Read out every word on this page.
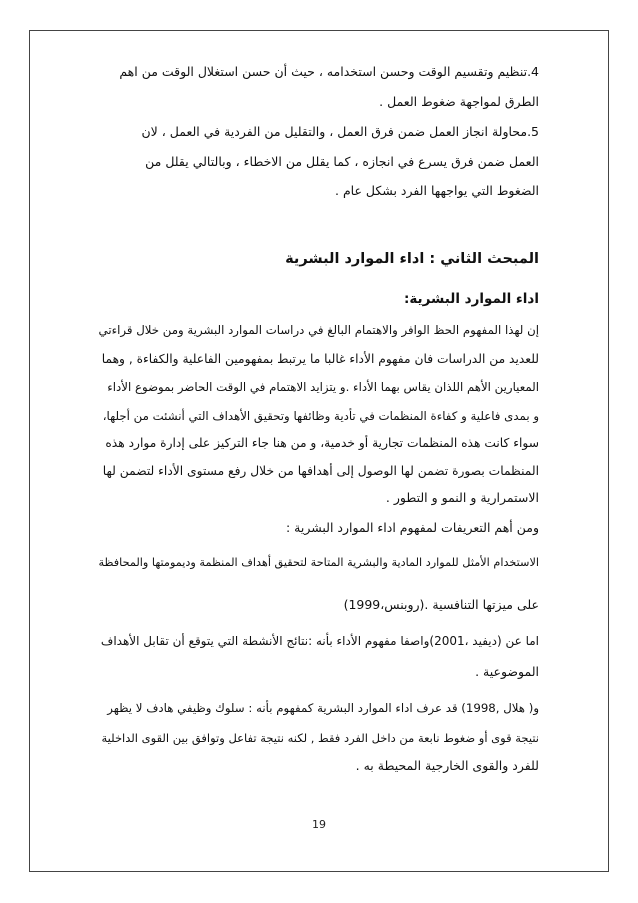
4.تنظيم وتقسيم الوقت وحسن استخدامه ، حيث أن حسن استغلال الوقت من اهم
الطرق لمواجهة ضغوط العمل .
5.محاولة انجاز العمل ضمن فرق العمل ، والتقليل من الفردية في العمل ، لان
العمل ضمن فرق يسرع في انجازه ، كما يقلل من الاخطاء ، وبالتالي يقلل من
الضغوط التي يواجهها الفرد بشكل عام .
المبحث الثاني : اداء الموارد البشرية
اداء الموارد البشرية:
إن لهذا المفهوم الحظ الوافر والاهتمام البالغ في دراسات الموارد البشرية ومن خلال قراءتي
للعديد من الدراسات فان مفهوم الأداء غالبا ما يرتبط بمفهومين الفاعلية والكفاءة , وهما
المعيارين الأهم اللذان يقاس بهما الأداء .و يتزايد الاهتمام في الوقت الحاضر بموضوع الأداء
و بمدى فاعلية و كفاءة المنظمات في تأدية وظائفها وتحقيق الأهداف التي أنشئت من أجلها،
سواء كانت هذه المنظمات تجارية أو خدمية، و من هنا جاء التركيز على إدارة موارد هذه
المنظمات بصورة تضمن لها الوصول إلى أهدافها من خلال رفع مستوى الأداء لتضمن لها
الاستمرارية و النمو و التطور .
ومن أهم التعريفات لمفهوم اداء الموارد البشرية :
الاستخدام الأمثل للموارد المادية والبشرية المتاحة لتحقيق أهداف المنظمة وديمومتها والمحافظة
على ميزتها التنافسية .(روبنس،1999)
اما عن (ديفيد ،2001)واصفا مفهوم الأداء بأنه :نتائج الأنشطة التي يتوقع أن تقابل الأهداف
الموضوعية .
و( هلال ,1998) قد عرف اداء الموارد البشرية كمفهوم بأنه : سلوك وظيفي هادف لا يظهر
نتيجة قوى أو ضغوط نابعة من داخل الفرد فقط , لكنه نتيجة تفاعل وتوافق بين القوى الداخلية
للفرد والقوى الخارجية المحيطة به .
19
